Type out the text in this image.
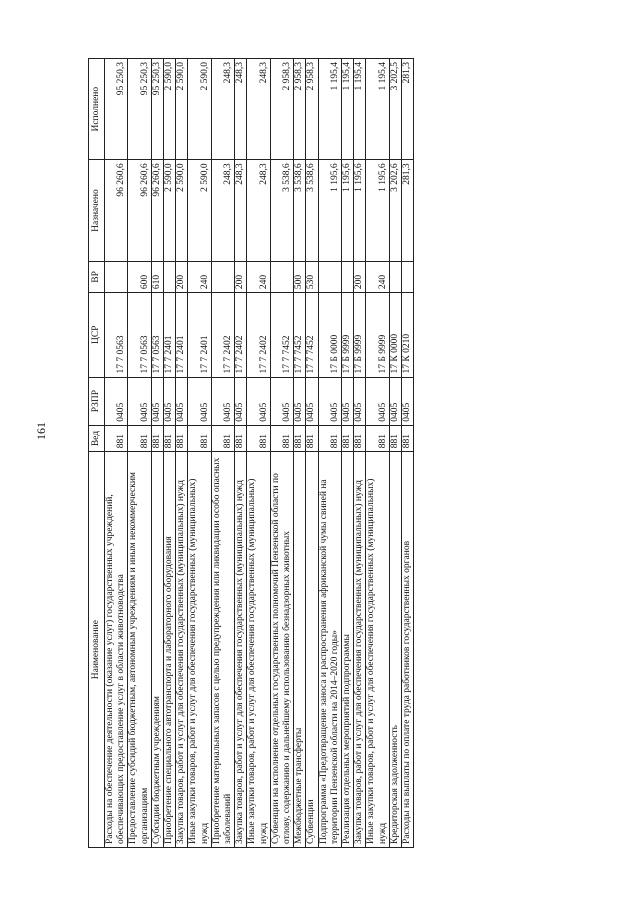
161
Наименование	Вед	РЗПР	ЦСР	ВР	Назначено	Исполнено
Расходы на обеспечение деятельности (оказание услуг) государственных учреждений, обеспечивающих предоставление услуг в области животноводства	881	0405	17 7 0563		96 260,6	95 250,3
Предоставление субсидий бюджетным, автономным учреждениям и иным некоммерческим организациям	881	0405	17 7 0563	600	96 260,6	95 250,3
Субсидии бюджетным учреждениям	881	0405	17 7 0563	610	96 260,6	95 250,3
Приобретение специального автотранспорта и лабораторного оборудования	881	0405	17 7 2401		2 590,0	2 590,0
Закупка товаров, работ и услуг для обеспечения государственных (муниципальных) нужд	881	0405	17 7 2401	200	2 590,0	2 590,0
Иные закупки товаров, работ и услуг для обеспечения государственных (муниципальных) нужд	881	0405	17 7 2401	240	2 590,0	2 590,0
Приобретение материальных запасов с целью предупреждения или ликвидации особо опасных заболеваний	881	0405	17 7 2402		248,3	248,3
Закупка товаров, работ и услуг для обеспечения государственных (муниципальных) нужд	881	0405	17 7 2402	200	248,3	248,3
Иные закупки товаров, работ и услуг для обеспечения государственных (муниципальных) нужд	881	0405	17 7 2402	240	248,3	248,3
Субвенции на исполнение отдельных государственных полномочий Пензенской области по отлову, содержанию и дальнейшему использованию безнадзорных животных	881	0405	17 7 7452		3 538,6	2 958,3
Межбюджетные трансферты	881	0405	17 7 7452	500	3 538,6	2 958,3
Субвенции	881	0405	17 7 7452	530	3 538,6	2 958,3
Подпрограмма «Предотвращение заноса и распространения африканской чумы свиней на территории Пензенской области на 2014–2020 годы»	881	0405	17 Б 0000		1 195,6	1 195,4
Реализация отдельных мероприятий подпрограммы	881	0405	17 Б 9999		1 195,6	1 195,4
Закупка товаров, работ и услуг для обеспечения государственных (муниципальных) нужд	881	0405	17 Б 9999	200	1 195,6	1 195,4
Иные закупки товаров, работ и услуг для обеспечения государственных (муниципальных) нужд	881	0405	17 Б 9999	240	1 195,6	1 195,4
Кредиторская задолженность	881	0405	17 К 0000		3 202,6	3 202,5
Расходы на выплаты по оплате труда работников государственных органов	881	0405	17 К 0210		281,3	281,3
